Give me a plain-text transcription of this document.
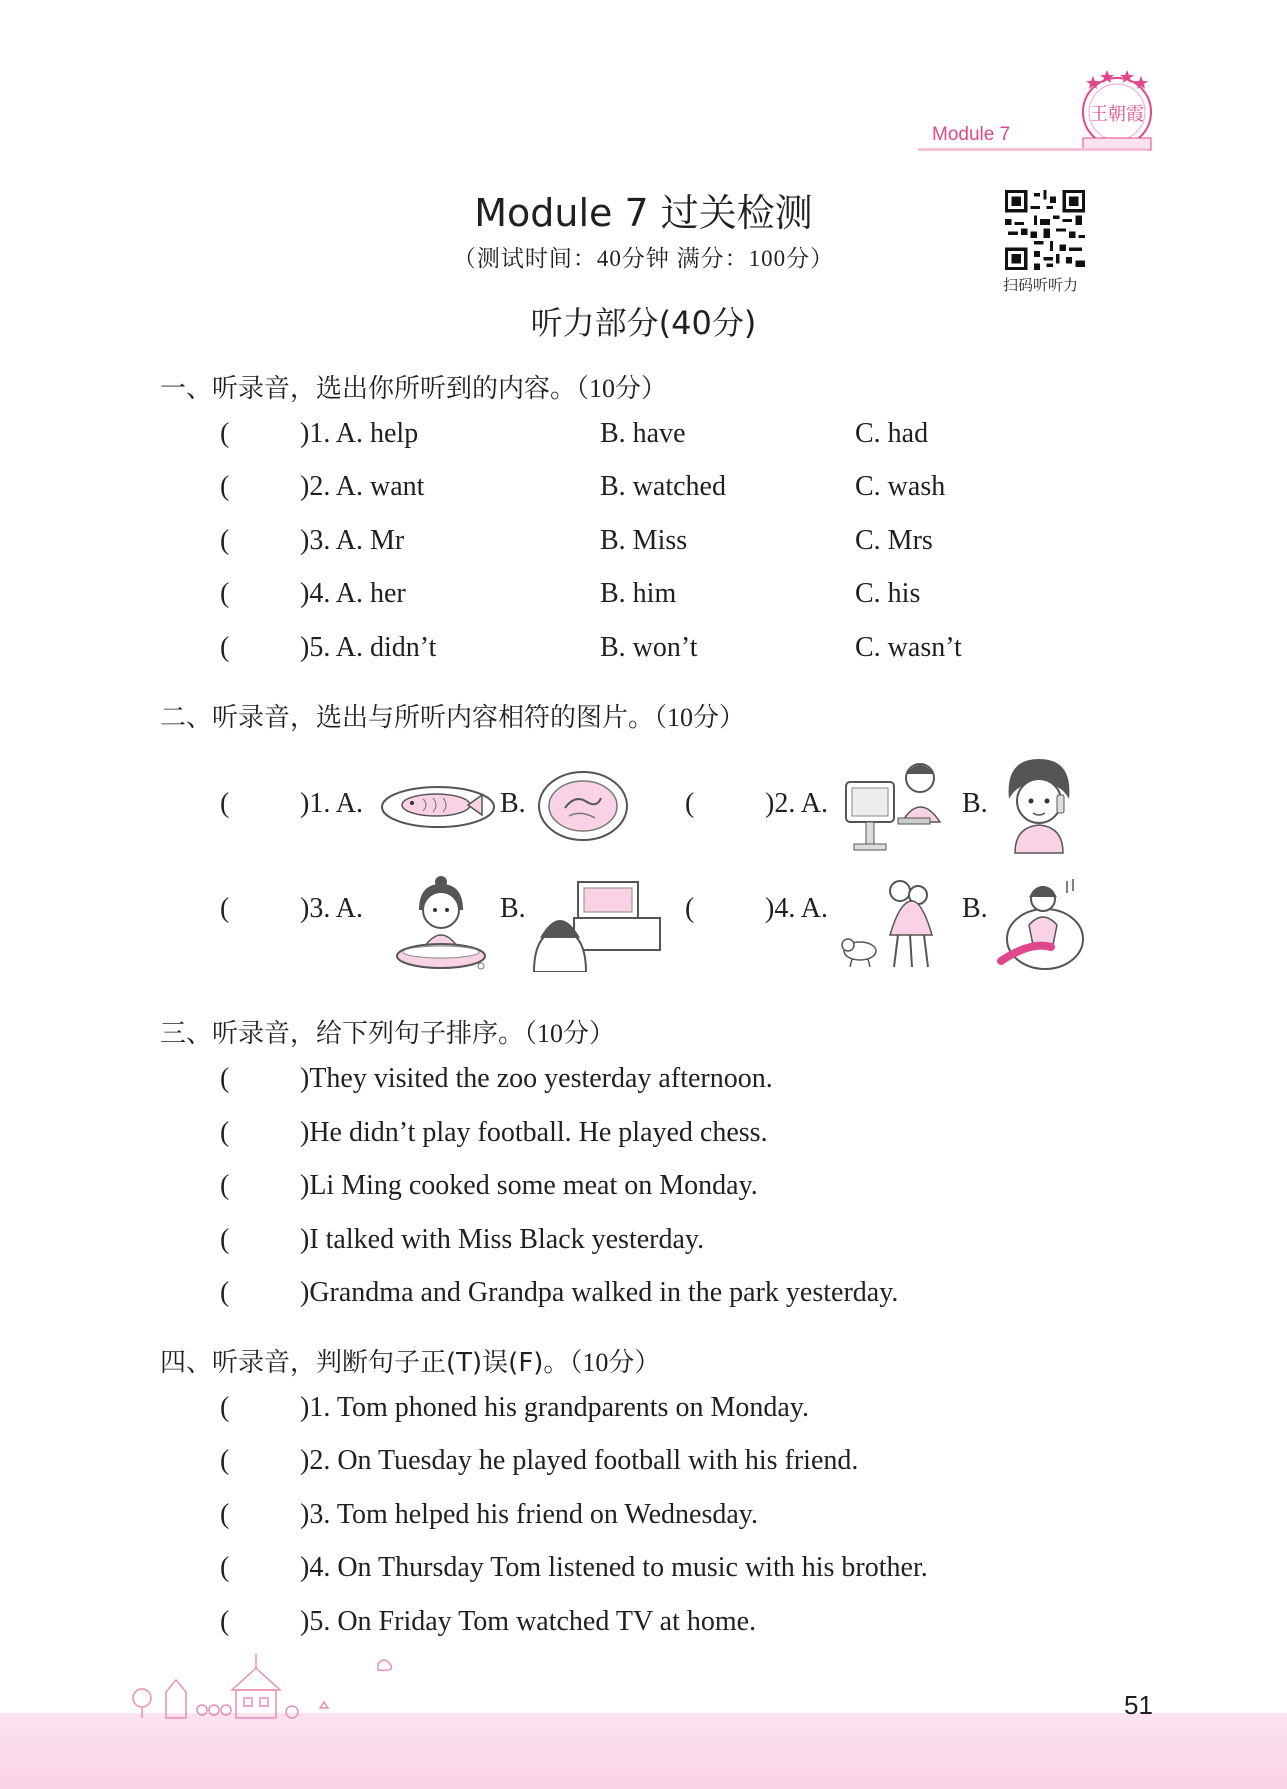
王朝霞
Module 7
Module 7 过关检测
（测试时间：40分钟 满分：100分）
听力部分(40分)
扫码听听力
一、听录音，选出你所听到的内容。（10分）
(	)1. A. help	B. have	C. had
(	)2. A. want	B. watched	C. wash
(	)3. A. Mr	B. Miss	C. Mrs
(	)4. A. her	B. him	C. his
(	)5. A. didn’t	B. won’t	C. wasn’t
二、听录音，选出与所听内容相符的图片。（10分）
(	)1. A.	B.	(	)2. A.	B.
(	)3. A.	B.	(	)4. A.	B.
三、听录音，给下列句子排序。（10分）
(	)They visited the zoo yesterday afternoon.
(	)He didn’t play football. He played chess.
(	)Li Ming cooked some meat on Monday.
(	)I talked with Miss Black yesterday.
(	)Grandma and Grandpa walked in the park yesterday.
四、听录音，判断句子正(T)误(F)。（10分）
(	)1. Tom phoned his grandparents on Monday.
(	)2. On Tuesday he played football with his friend.
(	)3. Tom helped his friend on Wednesday.
(	)4. On Thursday Tom listened to music with his brother.
(	)5. On Friday Tom watched TV at home.
51
